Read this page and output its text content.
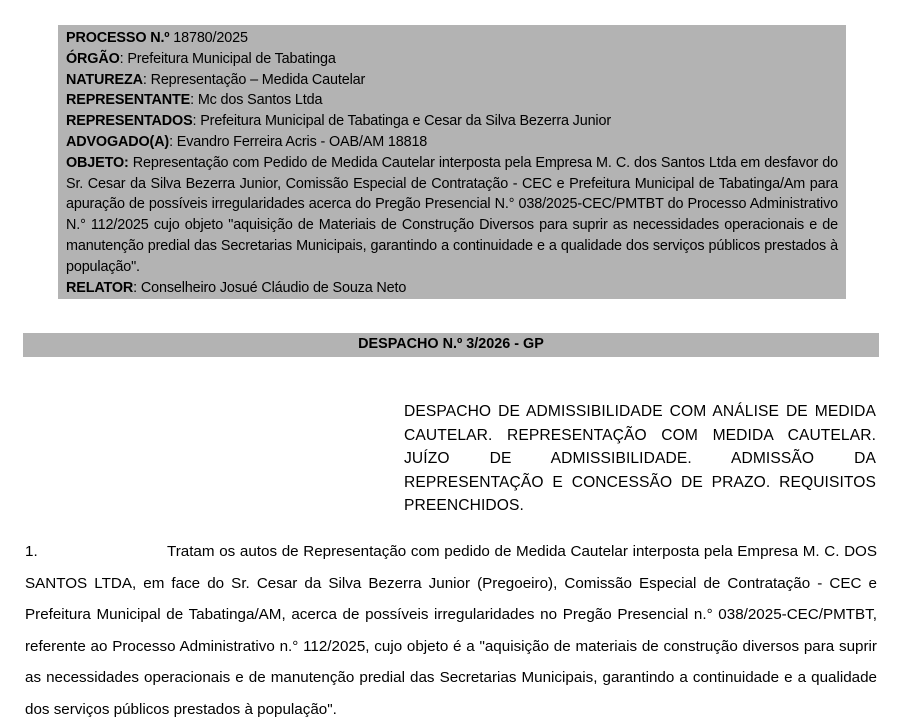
PROCESSO N.º 18780/2025
ÓRGÃO: Prefeitura Municipal de Tabatinga
NATUREZA: Representação – Medida Cautelar
REPRESENTANTE: Mc dos Santos Ltda
REPRESENTADOS: Prefeitura Municipal de Tabatinga e Cesar da Silva Bezerra Junior
ADVOGADO(A): Evandro Ferreira Acris - OAB/AM 18818
OBJETO: Representação com Pedido de Medida Cautelar interposta pela Empresa M. C. dos Santos Ltda em desfavor do Sr. Cesar da Silva Bezerra Junior, Comissão Especial de Contratação - CEC e Prefeitura Municipal de Tabatinga/Am para apuração de possíveis irregularidades acerca do Pregão Presencial N.° 038/2025-CEC/PMTBT do Processo Administrativo N.° 112/2025 cujo objeto "aquisição de Materiais de Construção Diversos para suprir as necessidades operacionais e de manutenção predial das Secretarias Municipais, garantindo a continuidade e a qualidade dos serviços públicos prestados à população".
RELATOR: Conselheiro Josué Cláudio de Souza Neto
DESPACHO N.º 3/2026 - GP
DESPACHO DE ADMISSIBILIDADE COM ANÁLISE DE MEDIDA CAUTELAR. REPRESENTAÇÃO COM MEDIDA CAUTELAR. JUÍZO DE ADMISSIBILIDADE. ADMISSÃO DA REPRESENTAÇÃO E CONCESSÃO DE PRAZO. REQUISITOS PREENCHIDOS.
1.	Tratam os autos de Representação com pedido de Medida Cautelar interposta pela Empresa M. C. DOS SANTOS LTDA, em face do Sr. Cesar da Silva Bezerra Junior (Pregoeiro), Comissão Especial de Contratação - CEC e Prefeitura Municipal de Tabatinga/AM, acerca de possíveis irregularidades no Pregão Presencial n.° 038/2025-CEC/PMTBT, referente ao Processo Administrativo n.° 112/2025, cujo objeto é a "aquisição de materiais de construção diversos para suprir as necessidades operacionais e de manutenção predial das Secretarias Municipais, garantindo a continuidade e a qualidade dos serviços públicos prestados à população".
